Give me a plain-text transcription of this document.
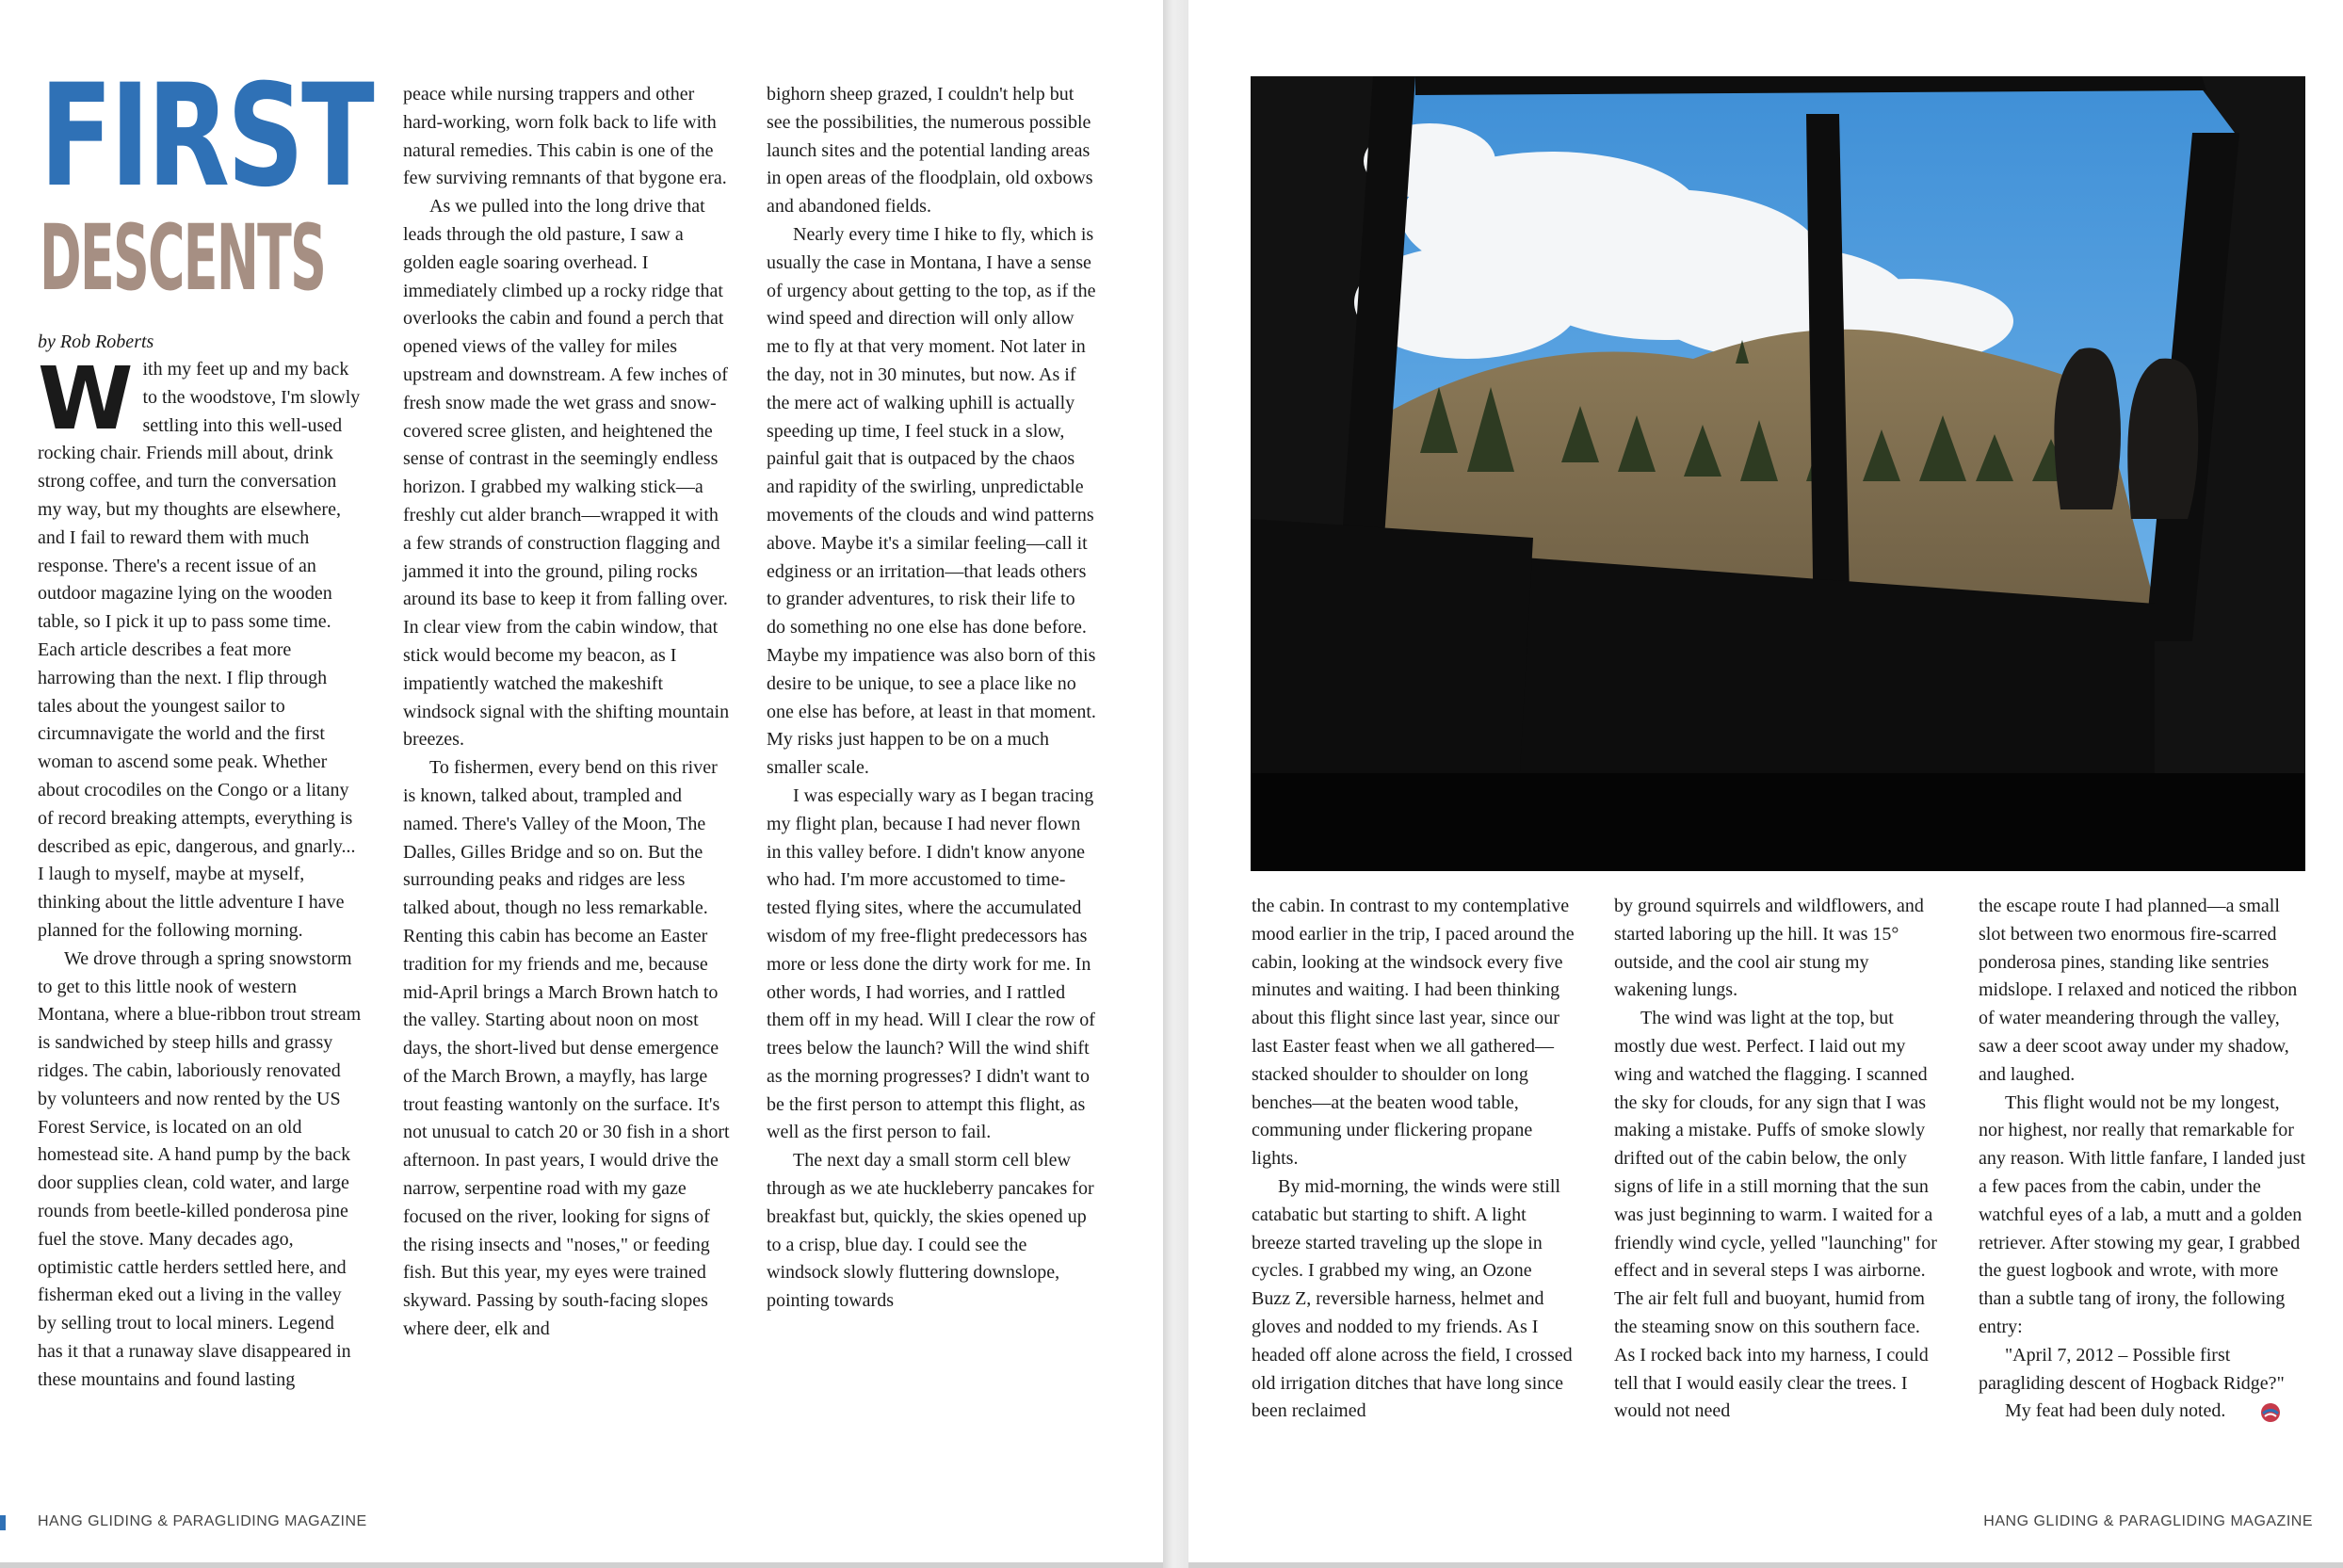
FIRST
DESCENTS

by Rob Roberts

With my feet up and my back to the woodstove, I'm slowly settling into this well-used rocking chair. Friends mill about, drink strong coffee, and turn the conversation my way, but my thoughts are elsewhere, and I fail to reward them with much response. There's a recent issue of an outdoor magazine lying on the wooden table, so I pick it up to pass some time. Each article describes a feat more harrowing than the next. I flip through tales about the youngest sailor to circumnavigate the world and the first woman to ascend some peak. Whether about crocodiles on the Congo or a litany of record breaking attempts, everything is described as epic, dangerous, and gnarly... I laugh to myself, maybe at myself, thinking about the little adventure I have planned for the following morning.

We drove through a spring snowstorm to get to this little nook of western Montana, where a blue-ribbon trout stream is sandwiched by steep hills and grassy ridges. The cabin, laboriously renovated by volunteers and now rented by the US Forest Service, is located on an old homestead site. A hand pump by the back door supplies clean, cold water, and large rounds from beetle-killed ponderosa pine fuel the stove. Many decades ago, optimistic cattle herders settled here, and fisherman eked out a living in the valley by selling trout to local miners. Legend has it that a runaway slave disappeared in these mountains and found lasting

peace while nursing trappers and other hard-working, worn folk back to life with natural remedies. This cabin is one of the few surviving remnants of that bygone era.

As we pulled into the long drive that leads through the old pasture, I saw a golden eagle soaring overhead. I immediately climbed up a rocky ridge that overlooks the cabin and found a perch that opened views of the valley for miles upstream and downstream. A few inches of fresh snow made the wet grass and snow-covered scree glisten, and heightened the sense of contrast in the seemingly endless horizon. I grabbed my walking stick—a freshly cut alder branch—wrapped it with a few strands of construction flagging and jammed it into the ground, piling rocks around its base to keep it from falling over. In clear view from the cabin window, that stick would become my beacon, as I impatiently watched the makeshift windsock signal with the shifting mountain breezes.

To fishermen, every bend on this river is known, talked about, trampled and named. There's Valley of the Moon, The Dalles, Gilles Bridge and so on. But the surrounding peaks and ridges are less talked about, though no less remarkable. Renting this cabin has become an Easter tradition for my friends and me, because mid-April brings a March Brown hatch to the valley. Starting about noon on most days, the short-lived but dense emergence of the March Brown, a mayfly, has large trout feasting wantonly on the surface. It's not unusual to catch 20 or 30 fish in a short afternoon. In past years, I would drive the narrow, serpentine road with my gaze focused on the river, looking for signs of the rising insects and "noses," or feeding fish. But this year, my eyes were trained skyward. Passing by south-facing slopes where deer, elk and

bighorn sheep grazed, I couldn't help but see the possibilities, the numerous possible launch sites and the potential landing areas in open areas of the floodplain, old oxbows and abandoned fields.

Nearly every time I hike to fly, which is usually the case in Montana, I have a sense of urgency about getting to the top, as if the wind speed and direction will only allow me to fly at that very moment. Not later in the day, not in 30 minutes, but now. As if the mere act of walking uphill is actually speeding up time, I feel stuck in a slow, painful gait that is outpaced by the chaos and rapidity of the swirling, unpredictable movements of the clouds and wind patterns above. Maybe it's a similar feeling—call it edginess or an irritation—that leads others to grander adventures, to risk their life to do something no one else has done before. Maybe my impatience was also born of this desire to be unique, to see a place like no one else has before, at least in that moment. My risks just happen to be on a much smaller scale.

I was especially wary as I began tracing my flight plan, because I had never flown in this valley before. I didn't know anyone who had. I'm more accustomed to time-tested flying sites, where the accumulated wisdom of my free-flight predecessors has more or less done the dirty work for me. In other words, I had worries, and I rattled them off in my head. Will I clear the row of trees below the launch? Will the wind shift as the morning progresses? I didn't want to be the first person to attempt this flight, as well as the first person to fail.

The next day a small storm cell blew through as we ate huckleberry pancakes for breakfast but, quickly, the skies opened up to a crisp, blue day. I could see the windsock slowly fluttering downslope, pointing towards

HANG GLIDING & PARAGLIDING MAGAZINE

the cabin. In contrast to my contemplative mood earlier in the trip, I paced around the cabin, looking at the windsock every five minutes and waiting. I had been thinking about this flight since last year, since our last Easter feast when we all gathered—stacked shoulder to shoulder on long benches—at the beaten wood table, communing under flickering propane lights.

By mid-morning, the winds were still catabatic but starting to shift. A light breeze started traveling up the slope in cycles. I grabbed my wing, an Ozone Buzz Z, reversible harness, helmet and gloves and nodded to my friends. As I headed off alone across the field, I crossed old irrigation ditches that have long since been reclaimed

by ground squirrels and wildflowers, and started laboring up the hill. It was 15° outside, and the cool air stung my wakening lungs.

The wind was light at the top, but mostly due west. Perfect. I laid out my wing and watched the flagging. I scanned the sky for clouds, for any sign that I was making a mistake. Puffs of smoke slowly drifted out of the cabin below, the only signs of life in a still morning that the sun was just beginning to warm. I waited for a friendly wind cycle, yelled "launching" for effect and in several steps I was airborne. The air felt full and buoyant, humid from the steaming snow on this southern face. As I rocked back into my harness, I could tell that I would easily clear the trees. I would not need

the escape route I had planned—a small slot between two enormous fire-scarred ponderosa pines, standing like sentries midslope. I relaxed and noticed the ribbon of water meandering through the valley, saw a deer scoot away under my shadow, and laughed.

This flight would not be my longest, nor highest, nor really that remarkable for any reason. With little fanfare, I landed just a few paces from the cabin, under the watchful eyes of a lab, a mutt and a golden retriever. After stowing my gear, I grabbed the guest logbook and wrote, with more than a subtle tang of irony, the following entry:

"April 7, 2012 – Possible first paragliding descent of Hogback Ridge?"

My feat had been duly noted.

HANG GLIDING & PARAGLIDING MAGAZINE
